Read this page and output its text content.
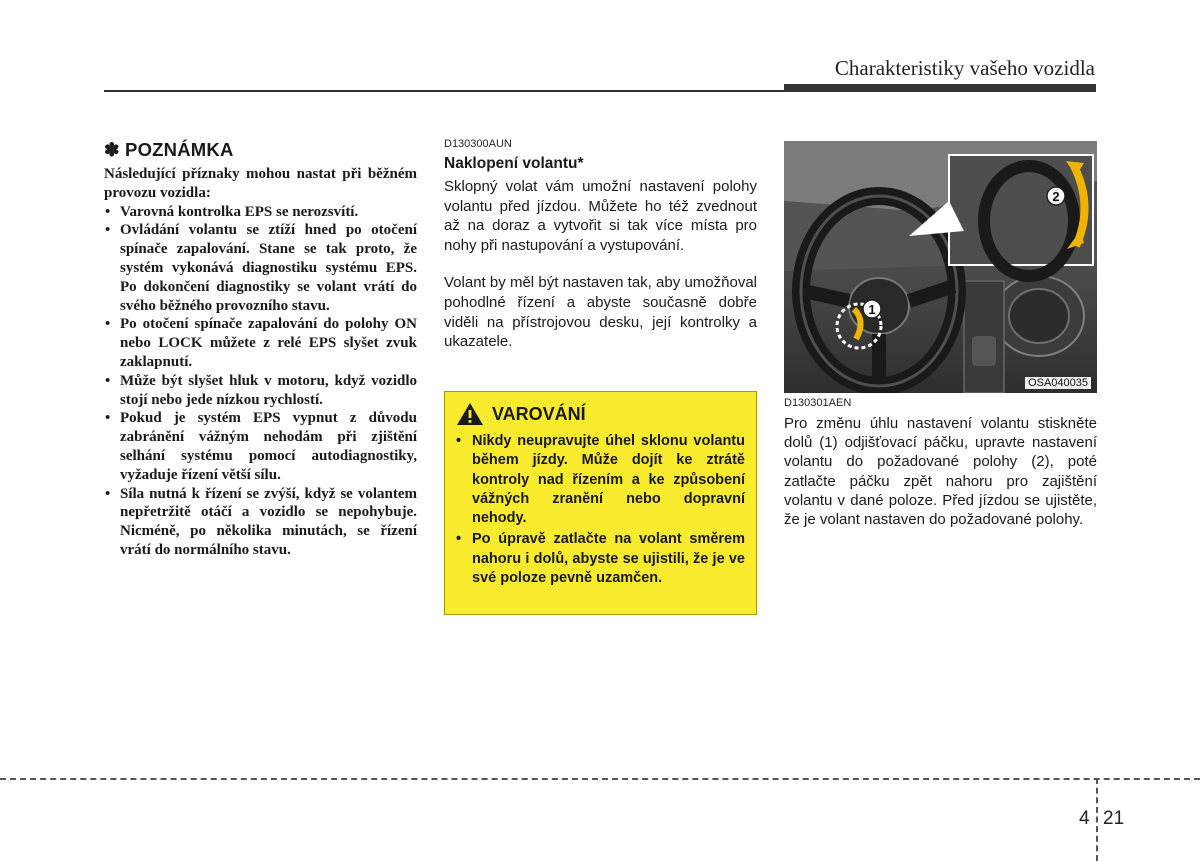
Charakteristiky vašeho vozidla
✽ POZNÁMKA

Následující příznaky mohou nastat při běžném provozu vozidla:

• Varovná kontrolka EPS se nerozsvítí.
• Ovládání volantu se ztíží hned po otočení spínače zapalování. Stane se tak proto, že systém vykonává diagnostiku systému EPS. Po dokončení diagnostiky se volant vrátí do svého běžného provozního stavu.
• Po otočení spínače zapalování do polohy ON nebo LOCK můžete z relé EPS slyšet zvuk zaklapnutí.
• Může být slyšet hluk v motoru, když vozidlo stojí nebo jede nízkou rychlostí.
• Pokud je systém EPS vypnut z důvodu zabránění vážným nehodám při zjištění selhání systému pomocí autodiagnostiky, vyžaduje řízení větší sílu.
• Síla nutná k řízení se zvýší, když se volantem nepřetržitě otáčí a vozidlo se nepohybuje. Nicméně, po několika minutách, se řízení vrátí do normálního stavu.
D130300AUN
Naklopení volantu*

Sklopný volat vám umožní nastavení polohy volantu před jízdou. Můžete ho též zvednout až na doraz a vytvořit si tak více místa pro nohy při nastupování a vystupování.

Volant by měl být nastaven tak, aby umožňoval pohodlné řízení a abyste současně dobře viděli na přístrojovou desku, její kontrolky a ukazatele.

VAROVÁNÍ
• Nikdy neupravujte úhel sklonu volantu během jízdy. Může dojít ke ztrátě kontroly nad řízením a ke způsobení vážných zranění nebo dopravní nehody.
• Po úpravě zatlačte na volant směrem nahoru i dolů, abyste se ujistili, že je ve své poloze pevně uzamčen.
2
1
OSA040035
D130301AEN

Pro změnu úhlu nastavení volantu stiskněte dolů (1) odjišťovací páčku, upravte nastavení volantu do požadované polohy (2), poté zatlačte páčku zpět nahoru pro zajištění volantu v dané poloze. Před jízdou se ujistěte, že je volant nastaven do požadované polohy.

4 21
